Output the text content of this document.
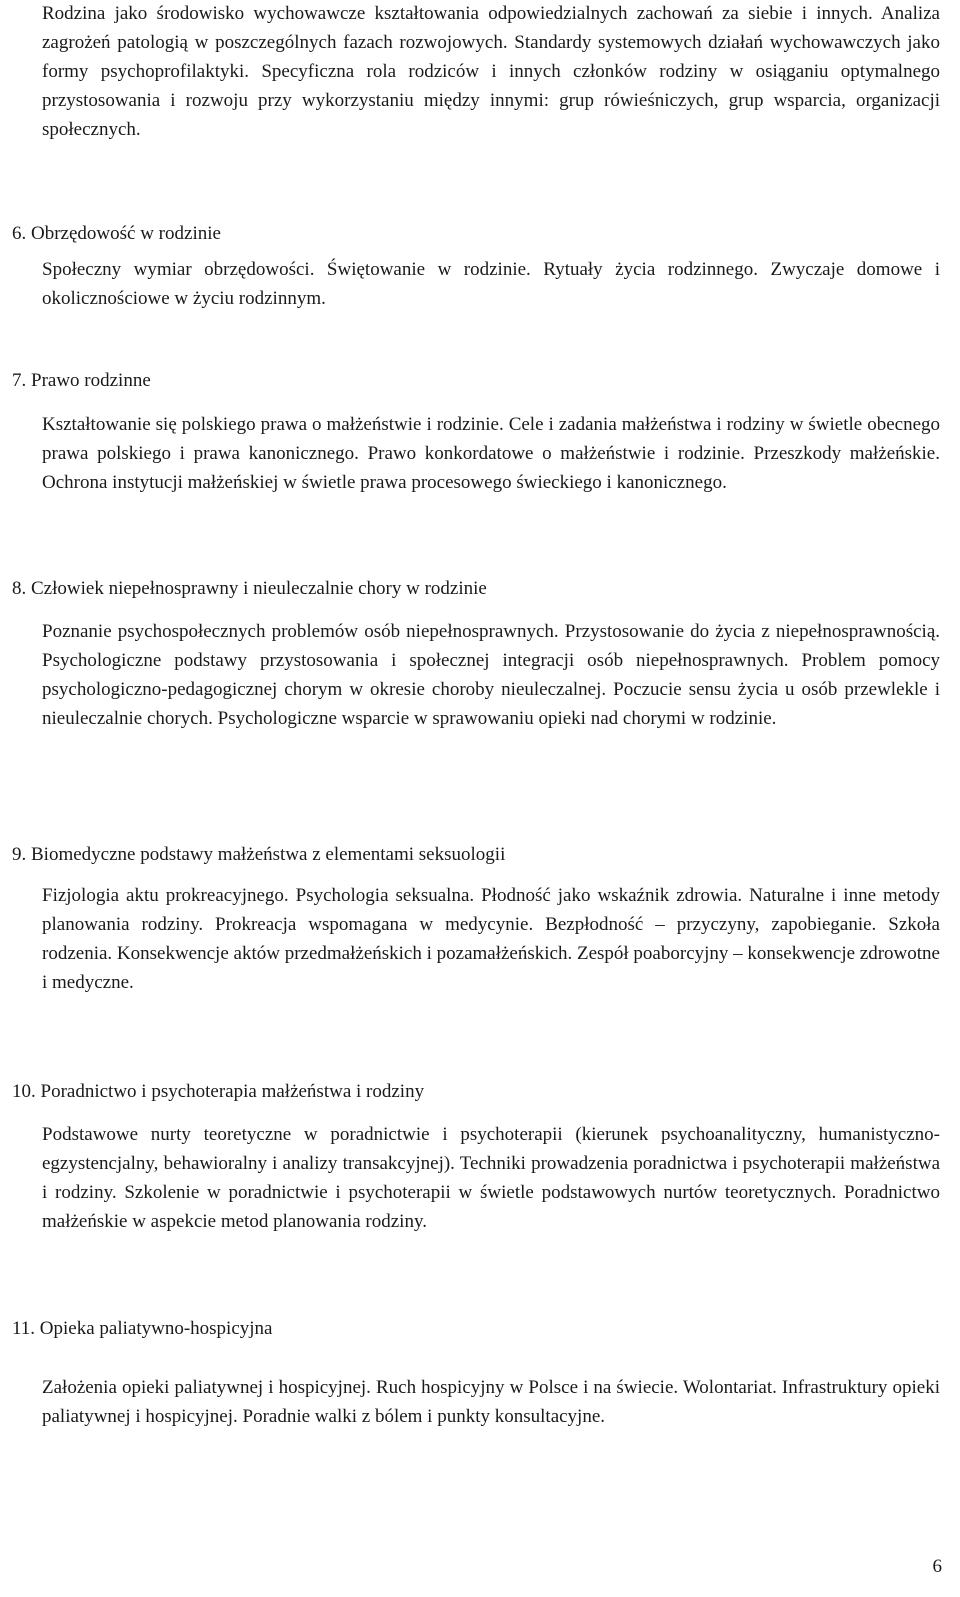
Rodzina jako środowisko wychowawcze kształtowania odpowiedzialnych zachowań za siebie i innych. Analiza zagrożeń patologią w poszczególnych fazach rozwojowych. Standardy systemowych działań wychowawczych jako formy psychoprofilaktyki. Specyficzna rola rodziców i innych członków rodziny w osiąganiu optymalnego przystosowania i rozwoju przy wykorzystaniu między innymi: grup rówieśniczych, grup wsparcia, organizacji społecznych.

6. Obrzędowość w rodzinie

Społeczny wymiar obrzędowości. Świętowanie w rodzinie. Rytuały życia rodzinnego. Zwyczaje domowe i okolicznościowe w życiu rodzinnym.

7. Prawo rodzinne

Kształtowanie się polskiego prawa o małżeństwie i rodzinie. Cele i zadania małżeństwa i rodziny w świetle obecnego prawa polskiego i prawa kanonicznego. Prawo konkordatowe o małżeństwie i rodzinie. Przeszkody małżeńskie. Ochrona instytucji małżeńskiej w świetle prawa procesowego świeckiego i kanonicznego.

8. Człowiek niepełnosprawny i nieuleczalnie chory w rodzinie

Poznanie psychospołecznych problemów osób niepełnosprawnych. Przystosowanie do życia z niepełnosprawnością. Psychologiczne podstawy przystosowania i społecznej integracji osób niepełnosprawnych. Problem pomocy psychologiczno-pedagogicznej chorym w okresie choroby nieuleczalnej. Poczucie sensu życia u osób przewlekle i nieuleczalnie chorych. Psychologiczne wsparcie w sprawowaniu opieki nad chorymi w rodzinie.

9. Biomedyczne podstawy małżeństwa z elementami seksuologii

Fizjologia aktu prokreacyjnego. Psychologia seksualna. Płodność jako wskaźnik zdrowia. Naturalne i inne metody planowania rodziny. Prokreacja wspomagana w medycynie. Bezpłodność – przyczyny, zapobieganie. Szkoła rodzenia. Konsekwencje aktów przedmałżeńskich i pozamałżeńskich. Zespół poaborcyjny – konsekwencje zdrowotne i medyczne.

10. Poradnictwo i psychoterapia małżeństwa i rodziny

Podstawowe nurty teoretyczne w poradnictwie i psychoterapii (kierunek psychoanalityczny, humanistyczno-egzystencjalny, behawioralny i analizy transakcyjnej). Techniki prowadzenia poradnictwa i psychoterapii małżeństwa i rodziny. Szkolenie w poradnictwie i psychoterapii w świetle podstawowych nurtów teoretycznych. Poradnictwo małżeńskie w aspekcie metod planowania rodziny.

11. Opieka paliatywno-hospicyjna

Założenia opieki paliatywnej i hospicyjnej. Ruch hospicyjny w Polsce i na świecie. Wolontariat. Infrastruktury opieki paliatywnej i hospicyjnej. Poradnie walki z bólem i punkty konsultacyjne.

6
